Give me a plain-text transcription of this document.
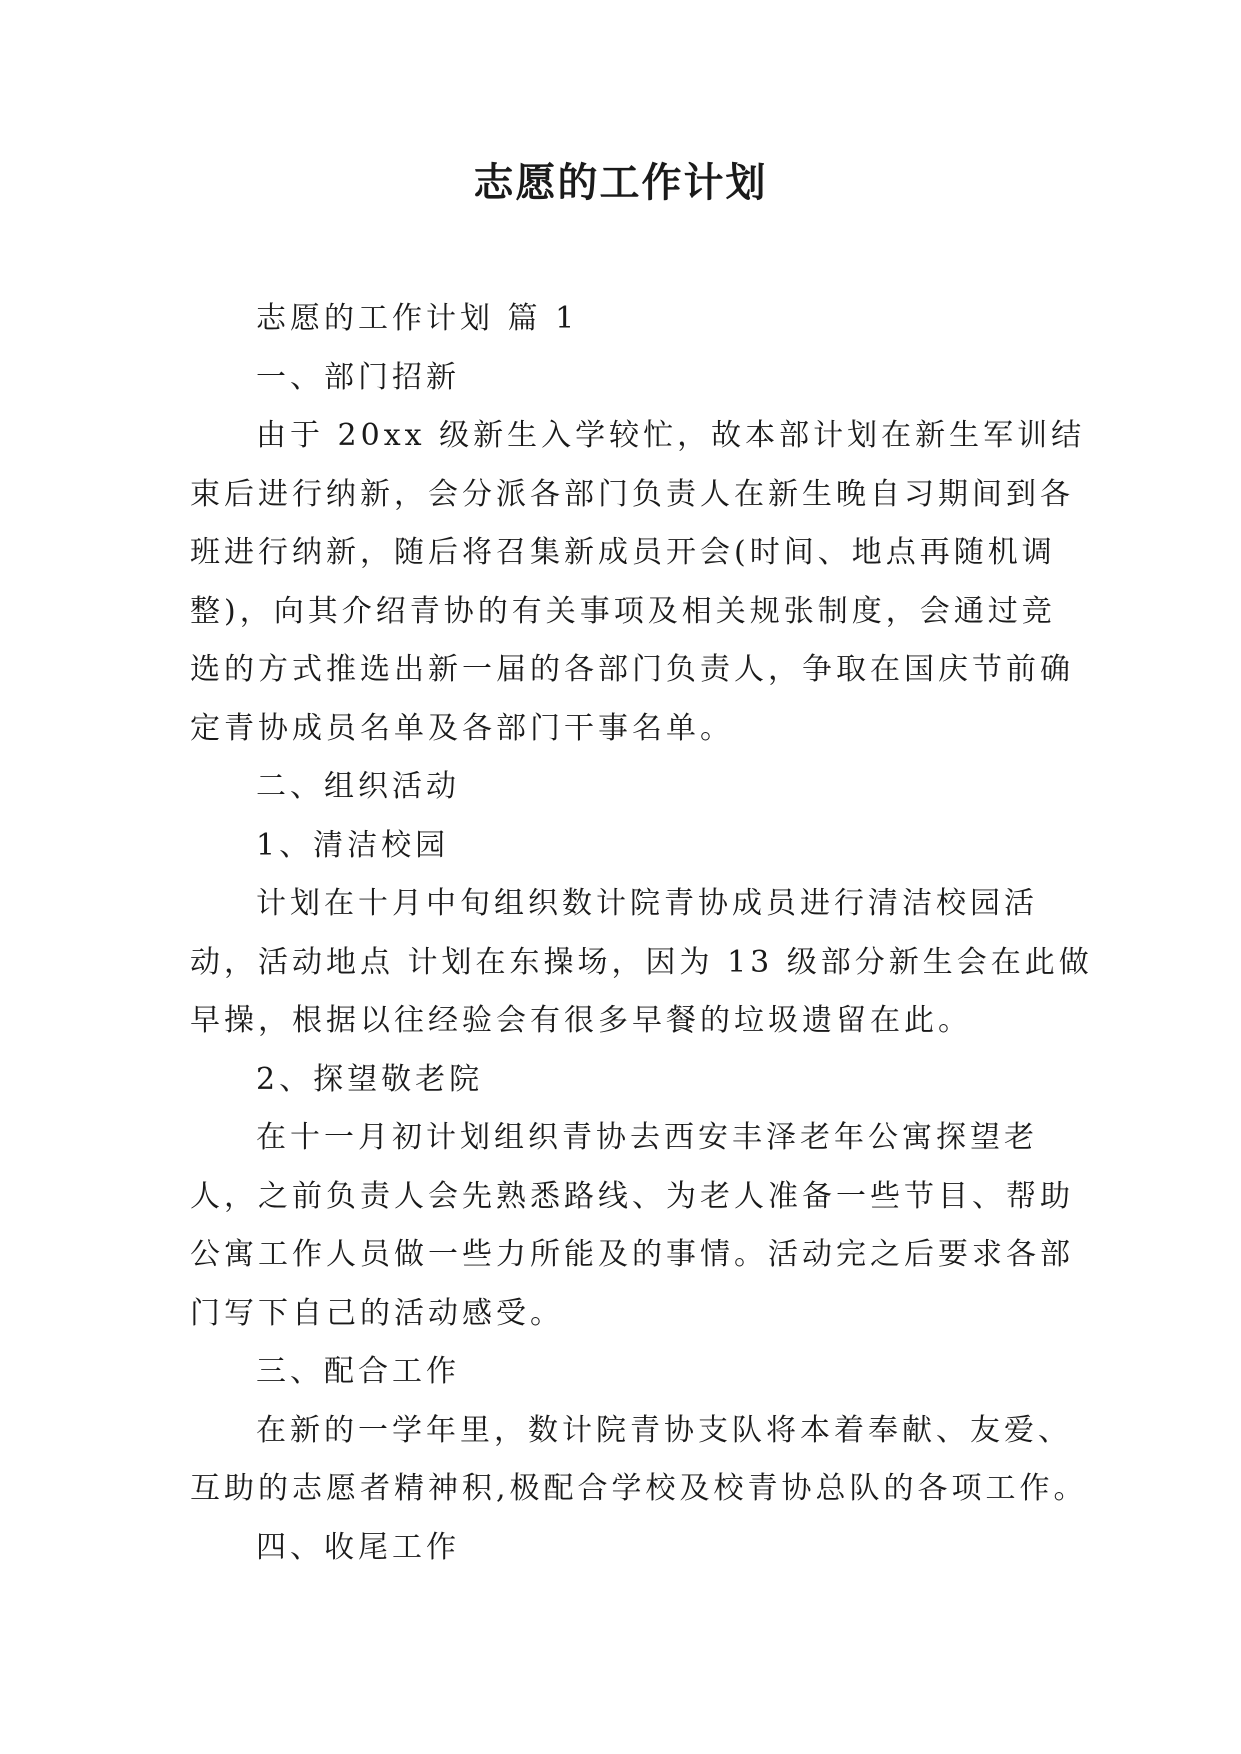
志愿的工作计划
志愿的工作计划 篇 1
一、部门招新
由于 20xx 级新生入学较忙，故本部计划在新生军训结
束后进行纳新，会分派各部门负责人在新生晚自习期间到各
班进行纳新，随后将召集新成员开会(时间、地点再随机调
整)，向其介绍青协的有关事项及相关规张制度，会通过竞
选的方式推选出新一届的各部门负责人，争取在国庆节前确
定青协成员名单及各部门干事名单。
二、组织活动
1、清洁校园
计划在十月中旬组织数计院青协成员进行清洁校园活
动，活动地点 计划在东操场，因为 13 级部分新生会在此做
早操，根据以往经验会有很多早餐的垃圾遗留在此。
2、探望敬老院
在十一月初计划组织青协去西安丰泽老年公寓探望老
人，之前负责人会先熟悉路线、为老人准备一些节目、帮助
公寓工作人员做一些力所能及的事情。活动完之后要求各部
门写下自己的活动感受。
三、配合工作
在新的一学年里，数计院青协支队将本着奉献、友爱、
互助的志愿者精神积,极配合学校及校青协总队的各项工作。
四、收尾工作
